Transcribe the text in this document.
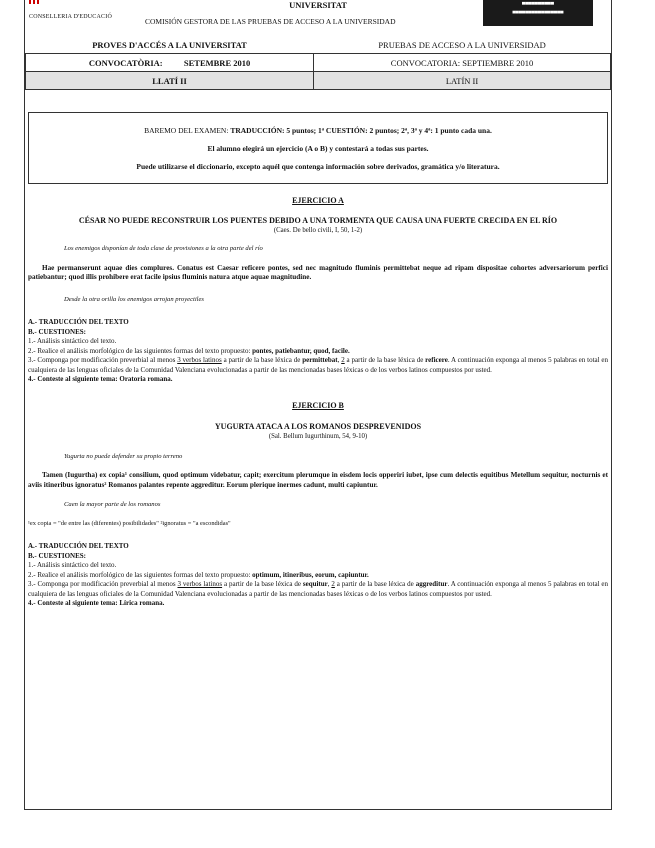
CONSELLERIA D'EDUCACIÓ
UNIVERSITAT
COMISIÓN GESTORA DE LAS PRUEBAS DE ACCESO A LA UNIVERSIDAD
▀▀▀▀▀▀▀▀▀▀
▄▄▄▄▄▄▄▄▄▄▄▄▄▄▄▄
PROVES D'ACCÉS A LA UNIVERSITAT	PRUEBAS DE ACCESO A LA UNIVERSIDAD
CONVOCATÒRIA: SETEMBRE 2010	CONVOCATORIA: SEPTIEMBRE 2010
LLATÍ II	LATÍN II

BAREMO DEL EXAMEN: TRADUCCIÓN: 5 puntos; 1ª CUESTIÓN: 2 puntos; 2ª, 3ª y 4ª: 1 punto cada una.

El alumno elegirá un ejercicio (A o B) y contestará a todas sus partes.

Puede utilizarse el diccionario, excepto aquél que contenga información sobre derivados, gramática y/o literatura.

EJERCICIO A

CÉSAR NO PUEDE RECONSTRUIR LOS PUENTES DEBIDO A UNA TORMENTA QUE CAUSA UNA FUERTE CRECIDA EN EL RÍO

(Caes. De bello civili, I, 50, 1-2)

Los enemigos disponían de toda clase de provisiones a la otra parte del río

Hae permanserunt aquae dies complures. Conatus est Caesar reficere pontes, sed nec magnitudo fluminis permittebat neque ad ripam dispositae cohortes adversariorum perfici patiebantur; quod illis prohibere erat facile ipsius fluminis natura atque aquae magnitudine.

Desde la otra orilla los enemigos arrojan proyectiles

A.- TRADUCCIÓN DEL TEXTO

B.- CUESTIONES:

1.- Análisis sintáctico del texto.

2.- Realice el análisis morfológico de las siguientes formas del texto propuesto: pontes, patiebantur, quod, facile.

3.- Componga por modificación preverbial al menos 3 verbos latinos a partir de la base léxica de permittebat, 2 a partir de la base léxica de reficere. A continuación exponga al menos 5 palabras en total en cualquiera de las lenguas oficiales de la Comunidad Valenciana evolucionadas a partir de las mencionadas bases léxicas o de los verbos latinos compuestos por usted.

4.- Conteste al siguiente tema: Oratoria romana.

EJERCICIO B

YUGURTA ATACA A LOS ROMANOS DESPREVENIDOS

(Sal. Bellum Iugurthinum, 54, 9-10)

Yugurta no puede defender su propio terreno

Tamen (Iugurtha) ex copia¹ consilium, quod optimum videbatur, capit; exercitum plerumque in eisdem locis opperiri iubet, ipse cum delectis equitibus Metellum sequitur, nocturnis et aviis itineribus ignoratus² Romanos palantes repente aggreditur. Eorum plerique inermes cadunt, multi capiuntur.

Caen la mayor parte de los romanos

¹ex copia = "de entre las (diferentes) posibilidades" ²ignoratus = "a escondidas"

A.- TRADUCCIÓN DEL TEXTO

B.- CUESTIONES:

1.- Análisis sintáctico del texto.

2.- Realice el análisis morfológico de las siguientes formas del texto propuesto: optimum, itineribus, eorum, capiuntur.

3.- Componga por modificación preverbial al menos 3 verbos latinos a partir de la base léxica de sequitur, 2 a partir de la base léxica de aggreditur. A continuación exponga al menos 5 palabras en total en cualquiera de las lenguas oficiales de la Comunidad Valenciana evolucionadas a partir de las mencionadas bases léxicas o de los verbos latinos compuestos por usted.

4.- Conteste al siguiente tema: Lírica romana.
